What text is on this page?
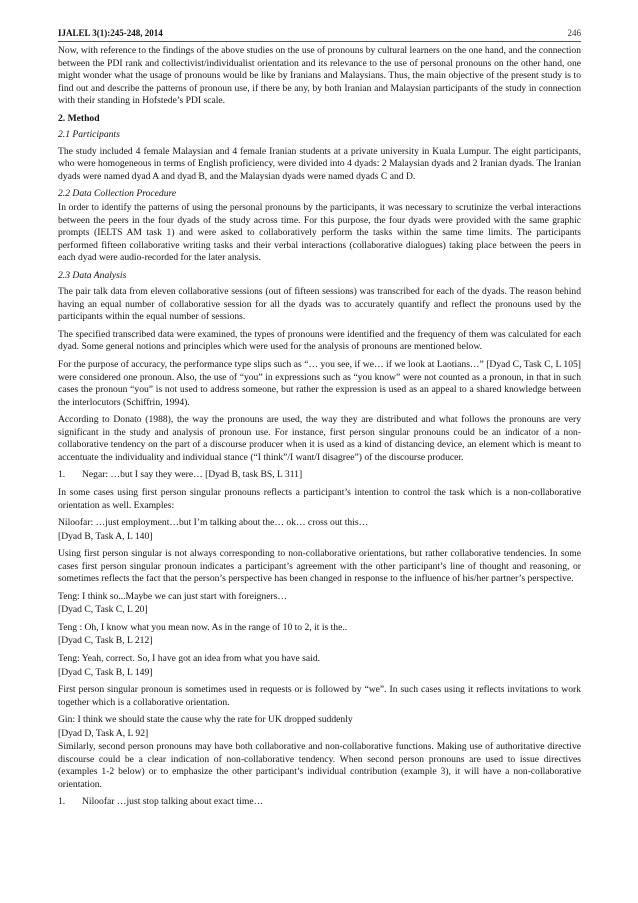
IJALEL 3(1):245-248, 2014	246

Now, with reference to the findings of the above studies on the use of pronouns by cultural learners on the one hand, and the connection between the PDI rank and collectivist/individualist orientation and its relevance to the use of personal pronouns on the other hand, one might wonder what the usage of pronouns would be like by Iranians and Malaysians. Thus, the main objective of the present study is to find out and describe the patterns of pronoun use, if there be any, by both Iranian and Malaysian participants of the study in connection with their standing in Hofstede’s PDI scale.

2. Method
2.1 Participants

The study included 4 female Malaysian and 4 female Iranian students at a private university in Kuala Lumpur. The eight participants, who were homogeneous in terms of English proficiency, were divided into 4 dyads: 2 Malaysian dyads and 2 Iranian dyads. The Iranian dyads were named dyad A and dyad B, and the Malaysian dyads were named dyads C and D.

2.2 Data Collection Procedure

In order to identify the patterns of using the personal pronouns by the participants, it was necessary to scrutinize the verbal interactions between the peers in the four dyads of the study across time. For this purpose, the four dyads were provided with the same graphic prompts (IELTS AM task 1) and were asked to collaboratively perform the tasks within the same time limits. The participants performed fifteen collaborative writing tasks and their verbal interactions (collaborative dialogues) taking place between the peers in each dyad were audio-recorded for the later analysis.

2.3 Data Analysis

The pair talk data from eleven collaborative sessions (out of fifteen sessions) was transcribed for each of the dyads. The reason behind having an equal number of collaborative session for all the dyads was to accurately quantify and reflect the pronouns used by the participants within the equal number of sessions.

The specified transcribed data were examined, the types of pronouns were identified and the frequency of them was calculated for each dyad. Some general notions and principles which were used for the analysis of pronouns are mentioned below.

For the purpose of accuracy, the performance type slips such as “… you see, if we… if we look at Laotians…” [Dyad C, Task C, L 105] were considered one pronoun. Also, the use of “you” in expressions such as “you know” were not counted as a pronoun, in that in such cases the pronoun “you” is not used to address someone, but rather the expression is used as an appeal to a shared knowledge between the interlocutors (Schiffrin, 1994).

According to Donato (1988), the way the pronouns are used, the way they are distributed and what follows the pronouns are very significant in the study and analysis of pronoun use. For instance, first person singular pronouns could be an indicator of a non-collaborative tendency on the part of a discourse producer when it is used as a kind of distancing device, an element which is meant to accentuate the individuality and individual stance (“I think”/I want/I disagree”) of the discourse producer.

1.	Negar: …but I say they were… [Dyad B, task BS, L 311]

In some cases using first person singular pronouns reflects a participant’s intention to control the task which is a non-collaborative orientation as well. Examples:

Niloofar: …just employment…but I’m talking about the… ok… cross out this…
[Dyad B, Task A, L 140]

Using first person singular is not always corresponding to non-collaborative orientations, but rather collaborative tendencies. In some cases first person singular pronoun indicates a participant’s agreement with the other participant’s line of thought and reasoning, or sometimes reflects the fact that the person’s perspective has been changed in response to the influence of his/her partner’s perspective.

Teng: I think so...Maybe we can just start with foreigners…
[Dyad C, Task C, L 20]
Teng : Oh, I know what you mean now. As in the range of 10 to 2, it is the..
[Dyad C, Task B, L 212]
Teng: Yeah, correct. So, I have got an idea from what you have said.
[Dyad C, Task B, L 149]

First person singular pronoun is sometimes used in requests or is followed by “we”. In such cases using it reflects invitations to work together which is a collaborative orientation.

Gin: I think we should state the cause why the rate for UK dropped suddenly
[Dyad D, Task A, L 92]

Similarly, second person pronouns may have both collaborative and non-collaborative functions. Making use of authoritative directive discourse could be a clear indication of non-collaborative tendency. When second person pronouns are used to issue directives (examples 1-2 below) or to emphasize the other participant’s individual contribution (example 3), it will have a non-collaborative orientation.

1.	Niloofar …just stop talking about exact time…
